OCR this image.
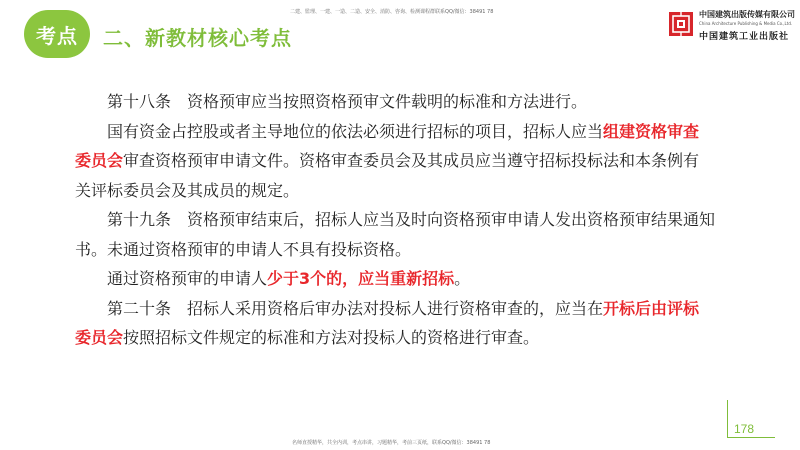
考点 二、新教材核心考点
二建、監理、一建、一造、二造、安全、消防、咨询、检测课程群联系QQ/微信：38491 78	中国建筑出版传媒有限公司
China Architecture Publishing & Media Co.,Ltd.
中国建筑工业出版社

第十八条　资格预审应当按照资格预审文件载明的标准和方法进行。

国有资金占控股或者主导地位的依法必须进行招标的项目，招标人应当组建资格审查委员会审查资格预审申请文件。资格审查委员会及其成员应当遵守招标投标法和本条例有关评标委员会及其成员的规定。

第十九条　资格预审结束后，招标人应当及时向资格预审申请人发出资格预审结果通知书。未通过资格预审的申请人不具有投标资格。

通过资格预审的申请人少于3个的，应当重新招标。

第二十条　招标人采用资格后审办法对投标人进行资格审查的，应当在开标后由评标委员会按照招标文件规定的标准和方法对投标人的资格进行审查。

178
名师直授精华，共全内训，考点串讲，习题精华，考前三页纸，联系QQ/微信：38491 78
